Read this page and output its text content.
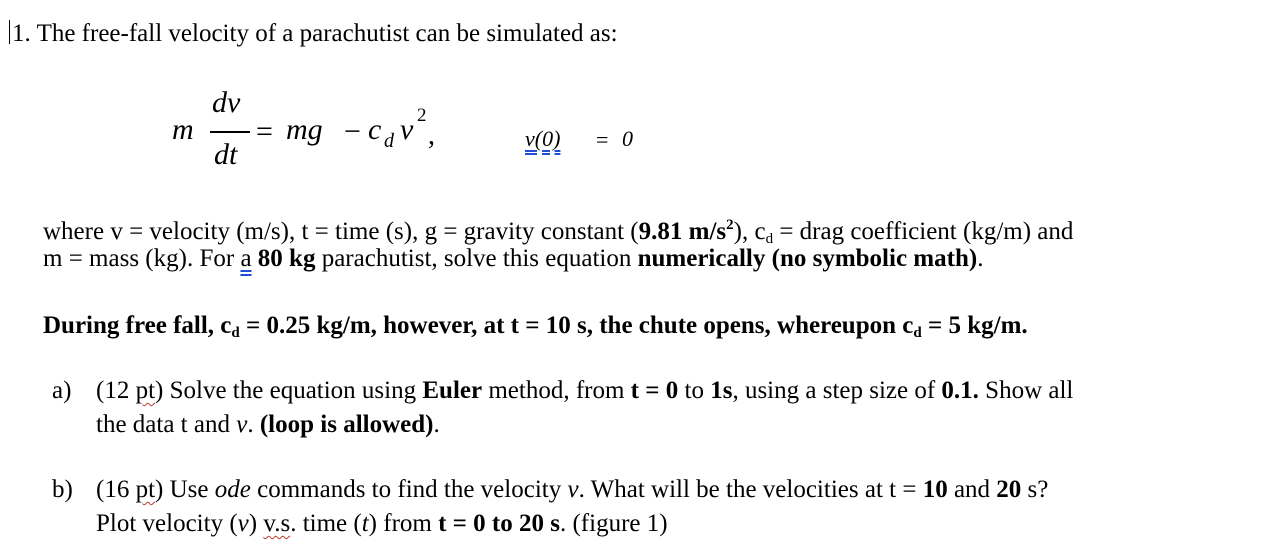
1. The free-fall velocity of a parachutist can be simulated as:
m
dv
dt
= mg − c d v 2
,	v(0) = 0
where v = velocity (m/s), t = time (s), g = gravity constant (9.81 $m/s^2$), $c_d$ = drag coefficient (kg/m) and
m = mass (kg). For a 80 kg parachutist, solve this equation numerically (no symbolic math).
During free fall, $c_d = 0.25$ kg/m, however, at t = 10 s, the chute opens, whereupon $c_d = 5$ kg/m.
a) (12 pt) Solve the equation using Euler method, from t = 0 to 1s, using a step size of 0.1. Show all
the data t and v. (loop is allowed).
b) (16 pt) Use ode commands to find the velocity v. What will be the velocities at t = 10 and 20 s?
Plot velocity (v) v.s. time (t) from t = 0 to 20 s. (figure 1)
